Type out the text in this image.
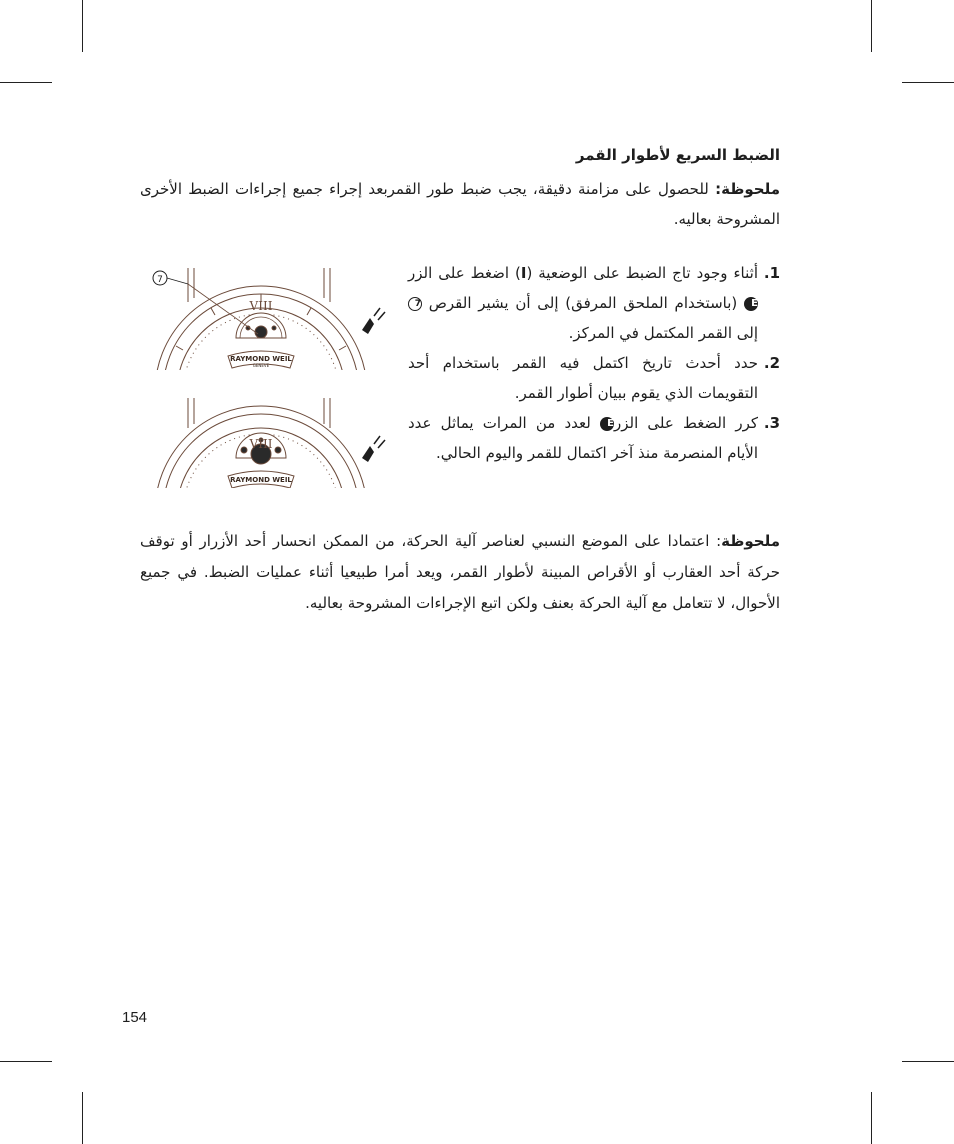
الضبط السريع لأطوار القمر
ملحوظة: للحصول على مزامنة دقيقة، يجب ضبط طور القمربعد إجراء جميع إجراءات الضبط الأخرى المشروحة بعاليه.
1.
أثناء وجود تاج الضبط على الوضعية (I) اضغط على الزر E (باستخدام الملحق المرفق) إلى أن يشير القرص 7 إلى القمر المكتمل في المركز.
2.
حدد أحدث تاريخ اكتمل فيه القمر باستخدام أحد التقويمات الذي يقوم ببيان أطوار القمر.
3.
كرر الضغط على الزرE لعدد من المرات يماثل عدد الأيام المنصرمة منذ آخر اكتمال للقمر واليوم الحالي.
VIII
RAYMOND WEIL
GENEVE
7
VIII
RAYMOND WEIL
ملحوظة: اعتمادا على الموضع النسبي لعناصر آلية الحركة، من الممكن انحسار أحد الأزرار أو توقف حركة أحد العقارب أو الأقراص المبينة لأطوار القمر، ويعد أمرا طبيعيا أثناء عمليات الضبط. في جميع الأحوال، لا تتعامل مع آلية الحركة بعنف ولكن اتبع الإجراءات المشروحة بعاليه.
154
